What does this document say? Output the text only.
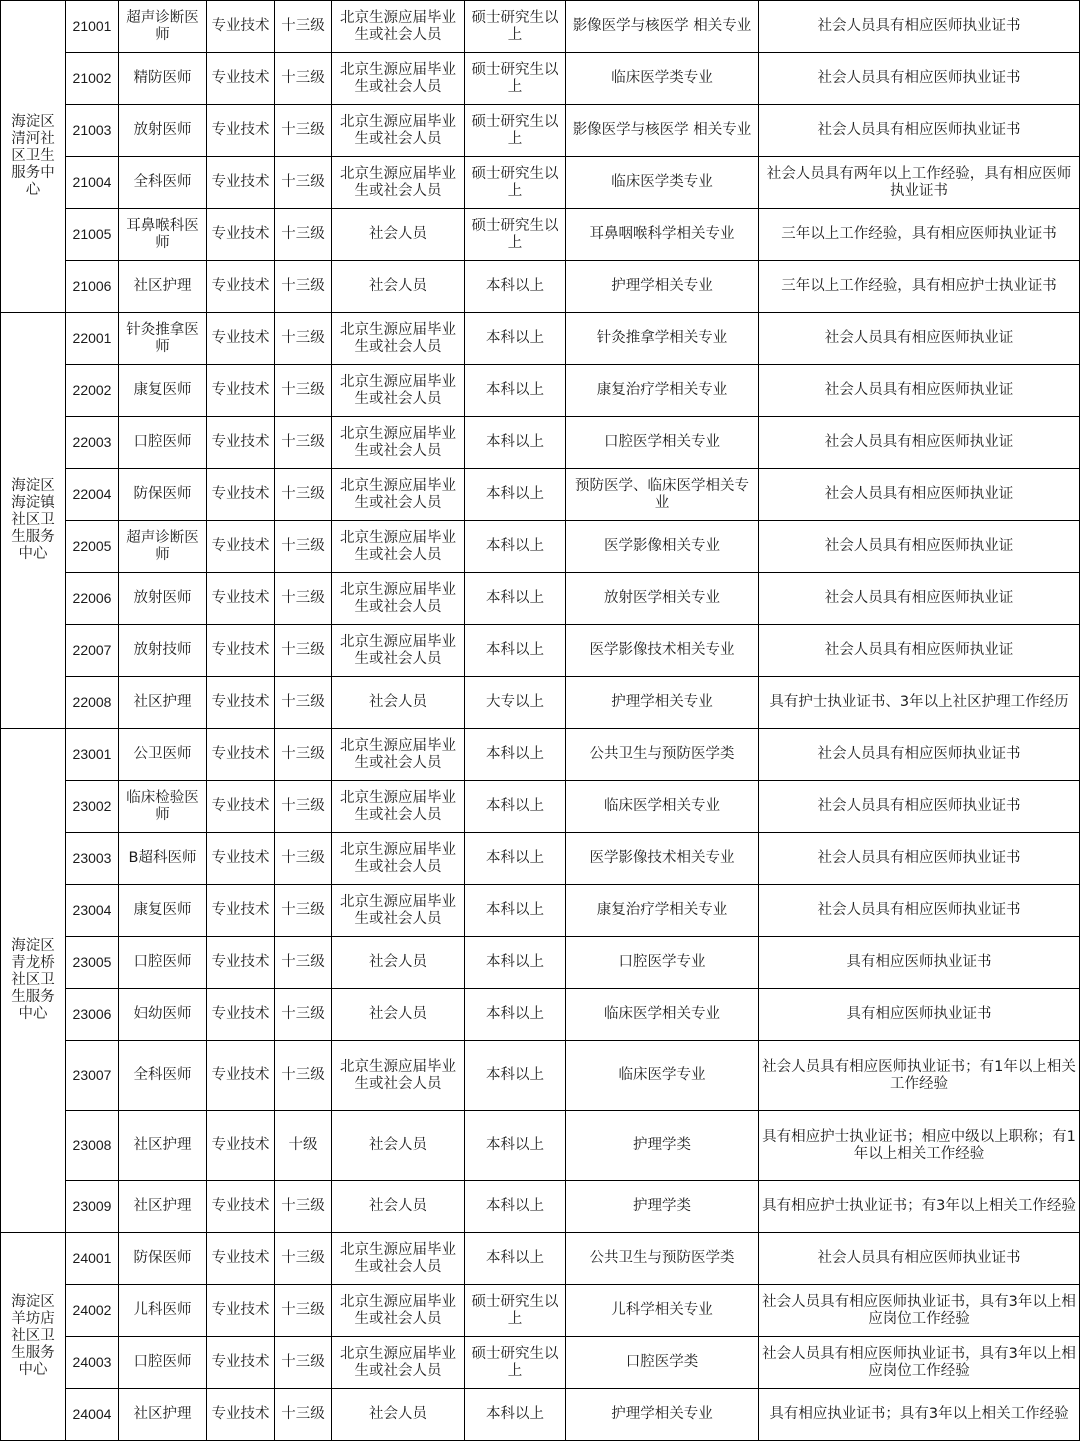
海淀区清河社区卫生服务中心	21001	超声诊断医师	专业技术	十三级	北京生源应届毕业生或社会人员	硕士研究生以上	影像医学与核医学 相关专业	社会人员具有相应医师执业证书
	21002	精防医师	专业技术	十三级	北京生源应届毕业生或社会人员	硕士研究生以上	临床医学类专业	社会人员具有相应医师执业证书
	21003	放射医师	专业技术	十三级	北京生源应届毕业生或社会人员	硕士研究生以上	影像医学与核医学 相关专业	社会人员具有相应医师执业证书
	21004	全科医师	专业技术	十三级	北京生源应届毕业生或社会人员	硕士研究生以上	临床医学类专业	社会人员具有两年以上工作经验，具有相应医师执业证书
	21005	耳鼻喉科医师	专业技术	十三级	社会人员	硕士研究生以上	耳鼻咽喉科学相关专业	三年以上工作经验，具有相应医师执业证书
	21006	社区护理	专业技术	十三级	社会人员	本科以上	护理学相关专业	三年以上工作经验，具有相应护士执业证书
海淀区海淀镇社区卫生服务中心	22001	针灸推拿医师	专业技术	十三级	北京生源应届毕业生或社会人员	本科以上	针灸推拿学相关专业	社会人员具有相应医师执业证
	22002	康复医师	专业技术	十三级	北京生源应届毕业生或社会人员	本科以上	康复治疗学相关专业	社会人员具有相应医师执业证
	22003	口腔医师	专业技术	十三级	北京生源应届毕业生或社会人员	本科以上	口腔医学相关专业	社会人员具有相应医师执业证
	22004	防保医师	专业技术	十三级	北京生源应届毕业生或社会人员	本科以上	预防医学、临床医学相关专业	社会人员具有相应医师执业证
	22005	超声诊断医师	专业技术	十三级	北京生源应届毕业生或社会人员	本科以上	医学影像相关专业	社会人员具有相应医师执业证
	22006	放射医师	专业技术	十三级	北京生源应届毕业生或社会人员	本科以上	放射医学相关专业	社会人员具有相应医师执业证
	22007	放射技师	专业技术	十三级	北京生源应届毕业生或社会人员	本科以上	医学影像技术相关专业	社会人员具有相应医师执业证
	22008	社区护理	专业技术	十三级	社会人员	大专以上	护理学相关专业	具有护士执业证书、3年以上社区护理工作经历
海淀区青龙桥社区卫生服务中心	23001	公卫医师	专业技术	十三级	北京生源应届毕业生或社会人员	本科以上	公共卫生与预防医学类	社会人员具有相应医师执业证书
	23002	临床检验医师	专业技术	十三级	北京生源应届毕业生或社会人员	本科以上	临床医学相关专业	社会人员具有相应医师执业证书
	23003	B超科医师	专业技术	十三级	北京生源应届毕业生或社会人员	本科以上	医学影像技术相关专业	社会人员具有相应医师执业证书
	23004	康复医师	专业技术	十三级	北京生源应届毕业生或社会人员	本科以上	康复治疗学相关专业	社会人员具有相应医师执业证书
	23005	口腔医师	专业技术	十三级	社会人员	本科以上	口腔医学专业	具有相应医师执业证书
	23006	妇幼医师	专业技术	十三级	社会人员	本科以上	临床医学相关专业	具有相应医师执业证书
	23007	全科医师	专业技术	十三级	北京生源应届毕业生或社会人员	本科以上	临床医学专业	社会人员具有相应医师执业证书；有1年以上相关工作经验
	23008	社区护理	专业技术	十级	社会人员	本科以上	护理学类	具有相应护士执业证书；相应中级以上职称；有1年以上相关工作经验
	23009	社区护理	专业技术	十三级	社会人员	本科以上	护理学类	具有相应护士执业证书；有3年以上相关工作经验
海淀区羊坊店社区卫生服务中心	24001	防保医师	专业技术	十三级	北京生源应届毕业生或社会人员	本科以上	公共卫生与预防医学类	社会人员具有相应医师执业证书
	24002	儿科医师	专业技术	十三级	北京生源应届毕业生或社会人员	硕士研究生以上	儿科学相关专业	社会人员具有相应医师执业证书，具有3年以上相应岗位工作经验
	24003	口腔医师	专业技术	十三级	北京生源应届毕业生或社会人员	硕士研究生以上	口腔医学类	社会人员具有相应医师执业证书，具有3年以上相应岗位工作经验
	24004	社区护理	专业技术	十三级	社会人员	本科以上	护理学相关专业	具有相应执业证书；具有3年以上相关工作经验
